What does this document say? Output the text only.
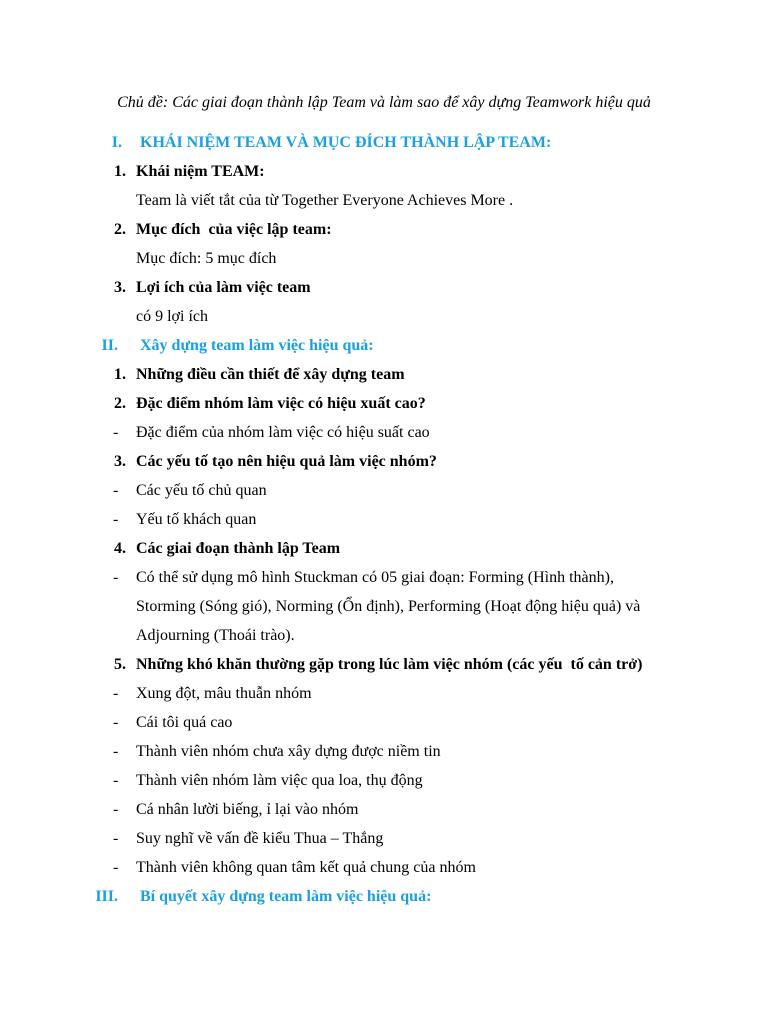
Chủ đề: Các giai đoạn thành lập Team và làm sao để xây dựng Teamwork hiệu quả
I. KHÁI NIỆM TEAM VÀ MỤC ĐÍCH THÀNH LẬP TEAM:
1. Khái niệm TEAM:
Team là viết tắt của từ Together Everyone Achieves More .
2. Mục đích  của việc lập team:
Mục đích: 5 mục đích
3. Lợi ích của làm việc team
có 9 lợi ích
II. Xây dựng team làm việc hiệu quả:
1. Những điều cần thiết để xây dựng team
2. Đặc điểm nhóm làm việc có hiệu xuất cao?
- Đặc điểm của nhóm làm việc có hiệu suất cao
3. Các yếu tố tạo nên hiệu quả làm việc nhóm?
- Các yếu tố chủ quan
- Yếu tố khách quan
4. Các giai đoạn thành lập Team
- Có thể sử dụng mô hình Stuckman có 05 giai đoạn: Forming (Hình thành),
Storming (Sóng gió), Norming (Ổn định), Performing (Hoạt động hiệu quả) và
Adjourning (Thoái trào).
5. Những khó khăn thường gặp trong lúc làm việc nhóm (các yếu  tố cản trở)
- Xung đột, mâu thuẫn nhóm
- Cái tôi quá cao
- Thành viên nhóm chưa xây dựng được niềm tin
- Thành viên nhóm làm việc qua loa, thụ động
- Cá nhân lười biếng, ỉ lại vào nhóm
- Suy nghĩ về vấn đề kiểu Thua – Thắng
- Thành viên không quan tâm kết quả chung của nhóm
III. Bí quyết xây dựng team làm việc hiệu quả:
